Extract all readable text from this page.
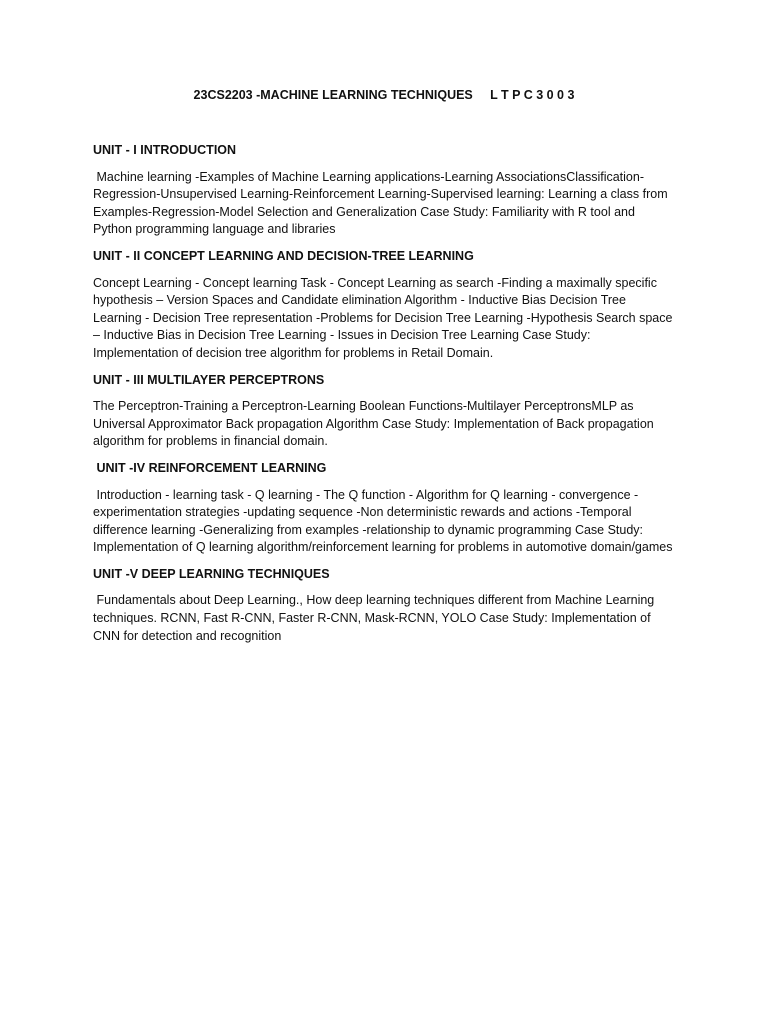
23CS2203 -MACHINE LEARNING TECHNIQUES     L T P C 3 0 0 3
UNIT - I INTRODUCTION
Machine learning -Examples of Machine Learning applications-Learning AssociationsClassification-Regression-Unsupervised Learning-Reinforcement Learning-Supervised learning: Learning a class from Examples-Regression-Model Selection and Generalization Case Study: Familiarity with R tool and Python programming language and libraries
UNIT - II CONCEPT LEARNING AND DECISION-TREE LEARNING
Concept Learning - Concept learning Task - Concept Learning as search -Finding a maximally specific hypothesis – Version Spaces and Candidate elimination Algorithm - Inductive Bias Decision Tree Learning - Decision Tree representation -Problems for Decision Tree Learning -Hypothesis Search space – Inductive Bias in Decision Tree Learning - Issues in Decision Tree Learning Case Study: Implementation of decision tree algorithm for problems in Retail Domain.
UNIT - III MULTILAYER PERCEPTRONS
The Perceptron-Training a Perceptron-Learning Boolean Functions-Multilayer PerceptronsMLP as Universal Approximator Back propagation Algorithm Case Study: Implementation of Back propagation algorithm for problems in financial domain.
UNIT -IV REINFORCEMENT LEARNING
Introduction - learning task - Q learning - The Q function - Algorithm for Q learning - convergence - experimentation strategies -updating sequence -Non deterministic rewards and actions -Temporal difference learning -Generalizing from examples -relationship to dynamic programming Case Study: Implementation of Q learning algorithm/reinforcement learning for problems in automotive domain/games
UNIT -V DEEP LEARNING TECHNIQUES
Fundamentals about Deep Learning., How deep learning techniques different from Machine Learning techniques. RCNN, Fast R-CNN, Faster R-CNN, Mask-RCNN, YOLO Case Study: Implementation of CNN for detection and recognition
